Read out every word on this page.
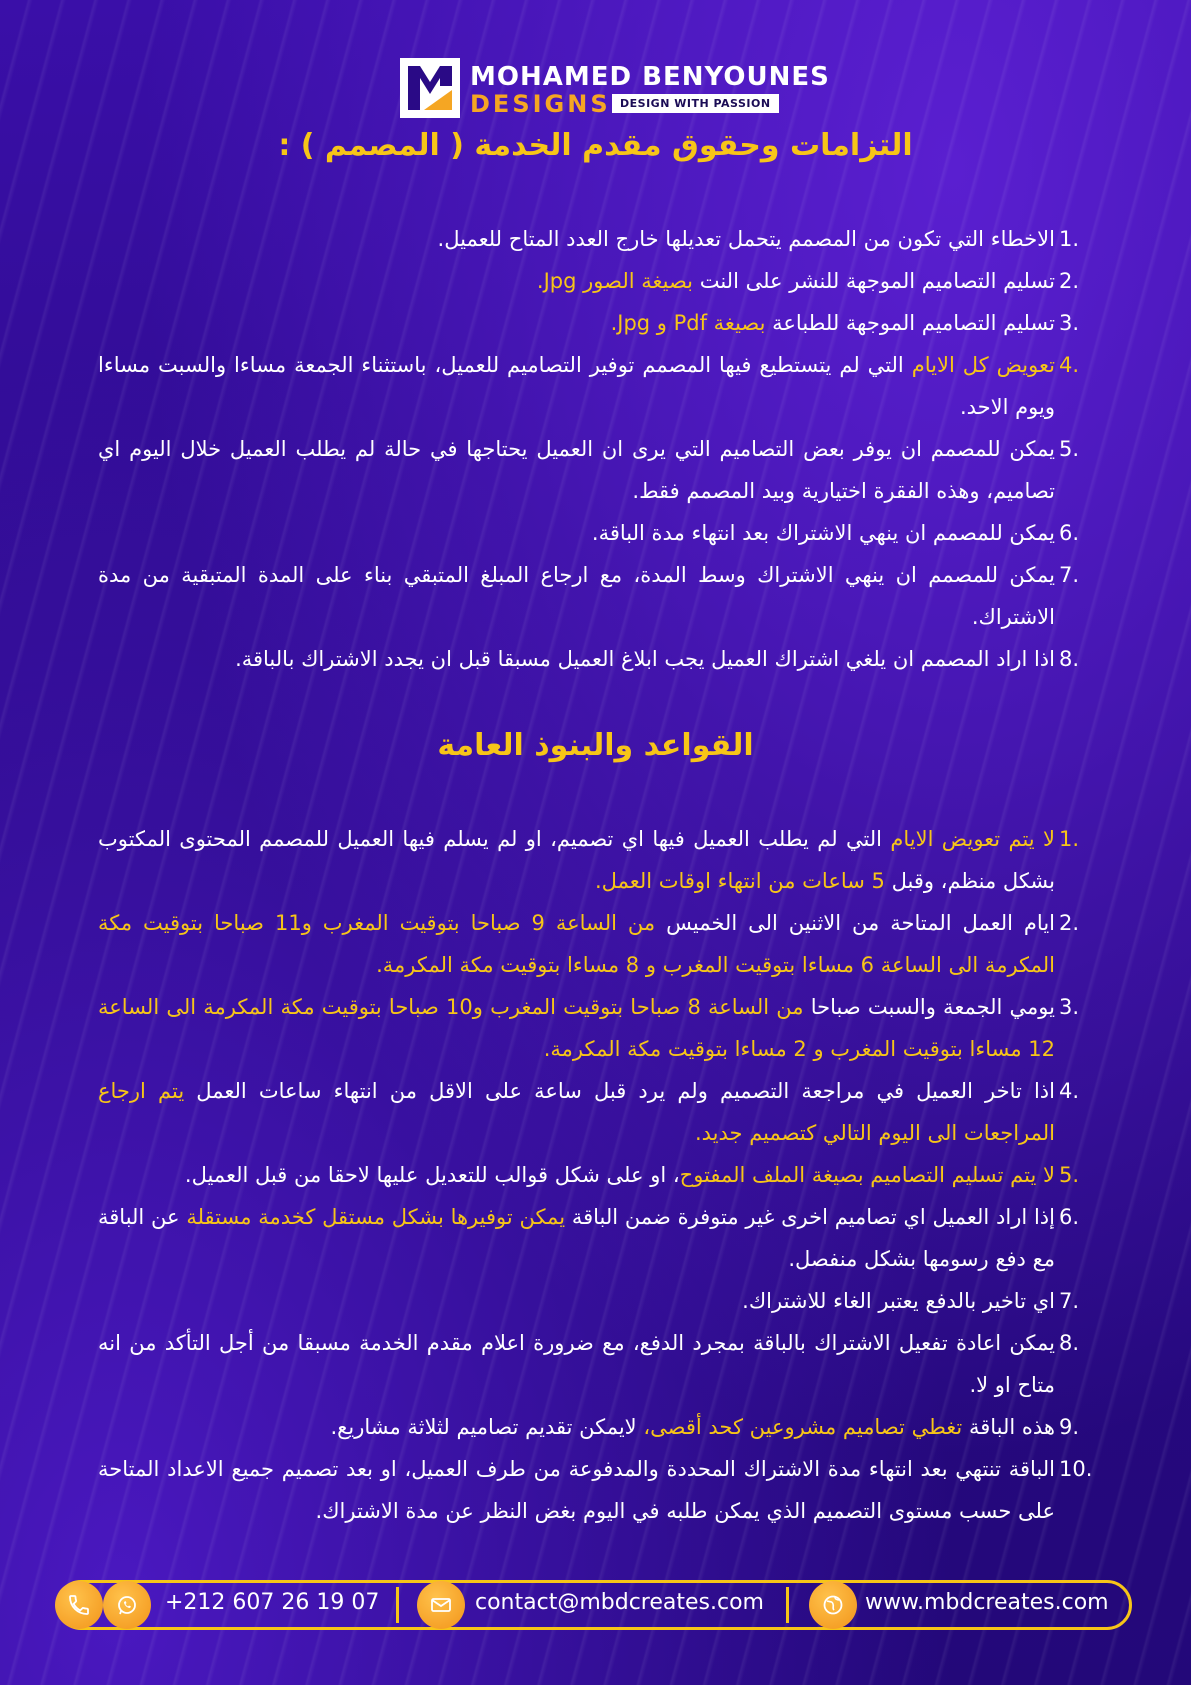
MOHAMED BENYOUNES
DESIGNS DESIGN WITH PASSION
التزامات وحقوق مقدم الخدمة ( المصمم ) :
1.
الاخطاء التي تكون من المصمم يتحمل تعديلها خارج العدد المتاح للعميل.
2.
تسليم التصاميم الموجهة للنشر على النت بصيغة الصور Jpg.
3.
تسليم التصاميم الموجهة للطباعة بصيغة Pdf و Jpg.
4.
تعويض كل الايام التي لم يتستطيع فيها المصمم توفير التصاميم للعميل، باستثناء الجمعة مساءا والسبت مساءا ويوم الاحد.
5.
يمكن للمصمم ان يوفر بعض التصاميم التي يرى ان العميل يحتاجها في حالة لم يطلب العميل خلال اليوم اي تصاميم، وهذه الفقرة اختيارية وبيد المصمم فقط.
6.
يمكن للمصمم ان ينهي الاشتراك بعد انتهاء مدة الباقة.
7.
يمكن للمصمم ان ينهي الاشتراك وسط المدة، مع ارجاع المبلغ المتبقي بناء على المدة المتبقية من مدة الاشتراك.
8.
اذا اراد المصمم ان يلغي اشتراك العميل يجب ابلاغ العميل مسبقا قبل ان يجدد الاشتراك بالباقة.
القواعد والبنوذ العامة
1.
لا يتم تعويض الايام التي لم يطلب العميل فيها اي تصميم، او لم يسلم فيها العميل للمصمم المحتوى المكتوب بشكل منظم، وقبل 5 ساعات من انتهاء اوقات العمل.
2.
ايام العمل المتاحة من الاثنين الى الخميس من الساعة 9 صباحا بتوقيت المغرب و11 صباحا بتوقيت مكة المكرمة الى الساعة 6 مساءا بتوقيت المغرب و 8 مساءا بتوقيت مكة المكرمة.
3.
يومي الجمعة والسبت صباحا من الساعة 8 صباحا بتوقيت المغرب و10 صباحا بتوقيت مكة المكرمة الى الساعة 12 مساءا بتوقيت المغرب و 2 مساءا بتوقيت مكة المكرمة.
4.
اذا تاخر العميل في مراجعة التصميم ولم يرد قبل ساعة على الاقل من انتهاء ساعات العمل يتم ارجاع المراجعات الى اليوم التالي كتصميم جديد.
5.
لا يتم تسليم التصاميم بصيغة الملف المفتوح، او على شكل قوالب للتعديل عليها لاحقا من قبل العميل.
6.
إذا اراد العميل اي تصاميم اخرى غير متوفرة ضمن الباقة يمكن توفيرها بشكل مستقل كخدمة مستقلة عن الباقة مع دفع رسومها بشكل منفصل.
7.
اي تاخير بالدفع يعتبر الغاء للاشتراك.
8.
يمكن اعادة تفعيل الاشتراك بالباقة بمجرد الدفع، مع ضرورة اعلام مقدم الخدمة مسبقا من أجل التأكد من انه متاح او لا.
9.
هذه الباقة تغطي تصاميم مشروعين كحد أقصى، لايمكن تقديم تصاميم لثلاثة مشاريع.
10.
الباقة تنتهي بعد انتهاء مدة الاشتراك المحددة والمدفوعة من طرف العميل، او بعد تصميم جميع الاعداد المتاحة على حسب مستوى التصميم الذي يمكن طلبه في اليوم بغض النظر عن مدة الاشتراك.
+212 607 26 19 07	contact@mbdcreates.com	www.mbdcreates.com
